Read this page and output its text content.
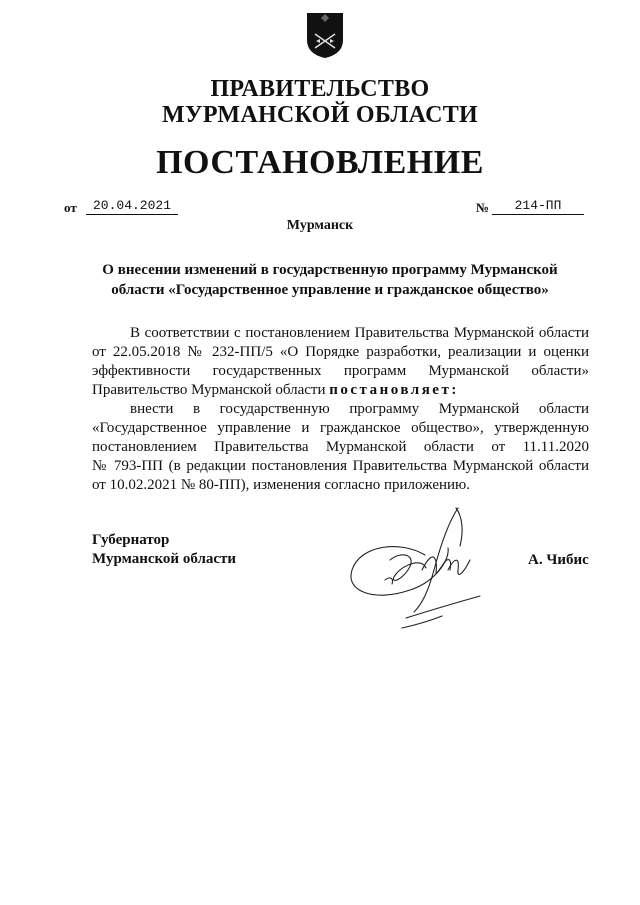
ПРАВИТЕЛЬСТВО
МУРМАНСКОЙ ОБЛАСТИ
ПОСТАНОВЛЕНИЕ
от	20.04.2021	№	214-ПП
Мурманск
О внесении изменений в государственную программу Мурманской
области «Государственное управление и гражданское общество»
В соответствии с постановлением Правительства Мурманской области
от 22.05.2018 № 232-ПП/5 «О Порядке разработки, реализации и оценки
эффективности государственных программ Мурманской области»
Правительство Мурманской области постановляет:
внести в государственную программу Мурманской области
«Государственное управление и гражданское общество», утвержденную
постановлением Правительства Мурманской области от 11.11.2020
№ 793-ПП (в редакции постановления Правительства Мурманской области
от 10.02.2021 № 80-ПП), изменения согласно приложению.
Губернатор
Мурманской области	А. Чибис
